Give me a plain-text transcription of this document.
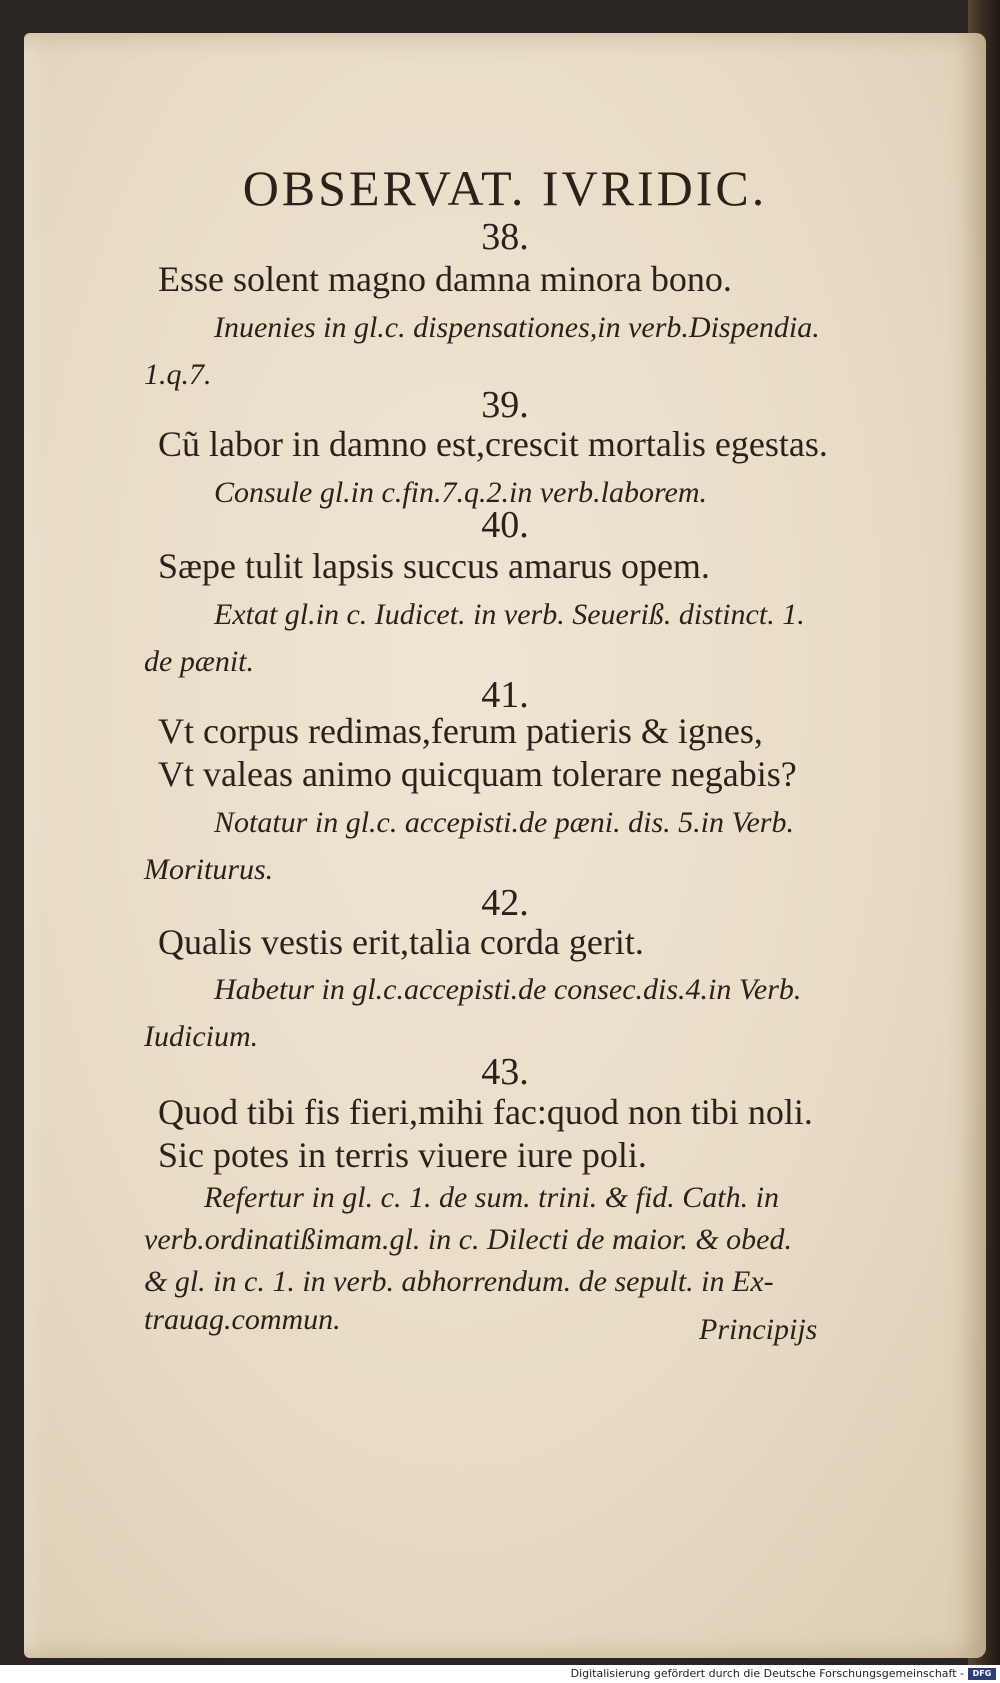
OBSERVAT. IVRIDIC.
38.
Esse solent magno damna minora bono.
Inuenies in gl.c. dispensationes,in verb.Dispendia.
1.q.7.
39.
Cũ labor in damno est,crescit mortalis egestas.
Consule gl.in c.fin.7.q.2.in verb.laborem.
40.
Sæpe tulit lapsis succus amarus opem.
Extat gl.in c. Iudicet. in verb. Seueriß. distinct. 1.
de pænit.
41.
Vt corpus redimas,ferum patieris & ignes,
Vt valeas animo quicquam tolerare negabis?
Notatur in gl.c. accepisti.de pæni. dis. 5.in Verb.
Moriturus.
42.
Qualis vestis erit,talia corda gerit.
Habetur in gl.c.accepisti.de consec.dis.4.in Verb.
Iudicium.
43.
Quod tibi fis fieri,mihi fac:quod non tibi noli.
Sic potes in terris viuere iure poli.
Refertur in gl. c. 1. de sum. trini. & fid. Cath. in
verb.ordinatißimam.gl. in c. Dilecti de maior. & obed.
& gl. in c. 1. in verb. abhorrendum. de sepult. in Ex-
trauag.commun.	Principijs
Digitalisierung gefördert durch die Deutsche Forschungsgemeinschaft -	DFG
